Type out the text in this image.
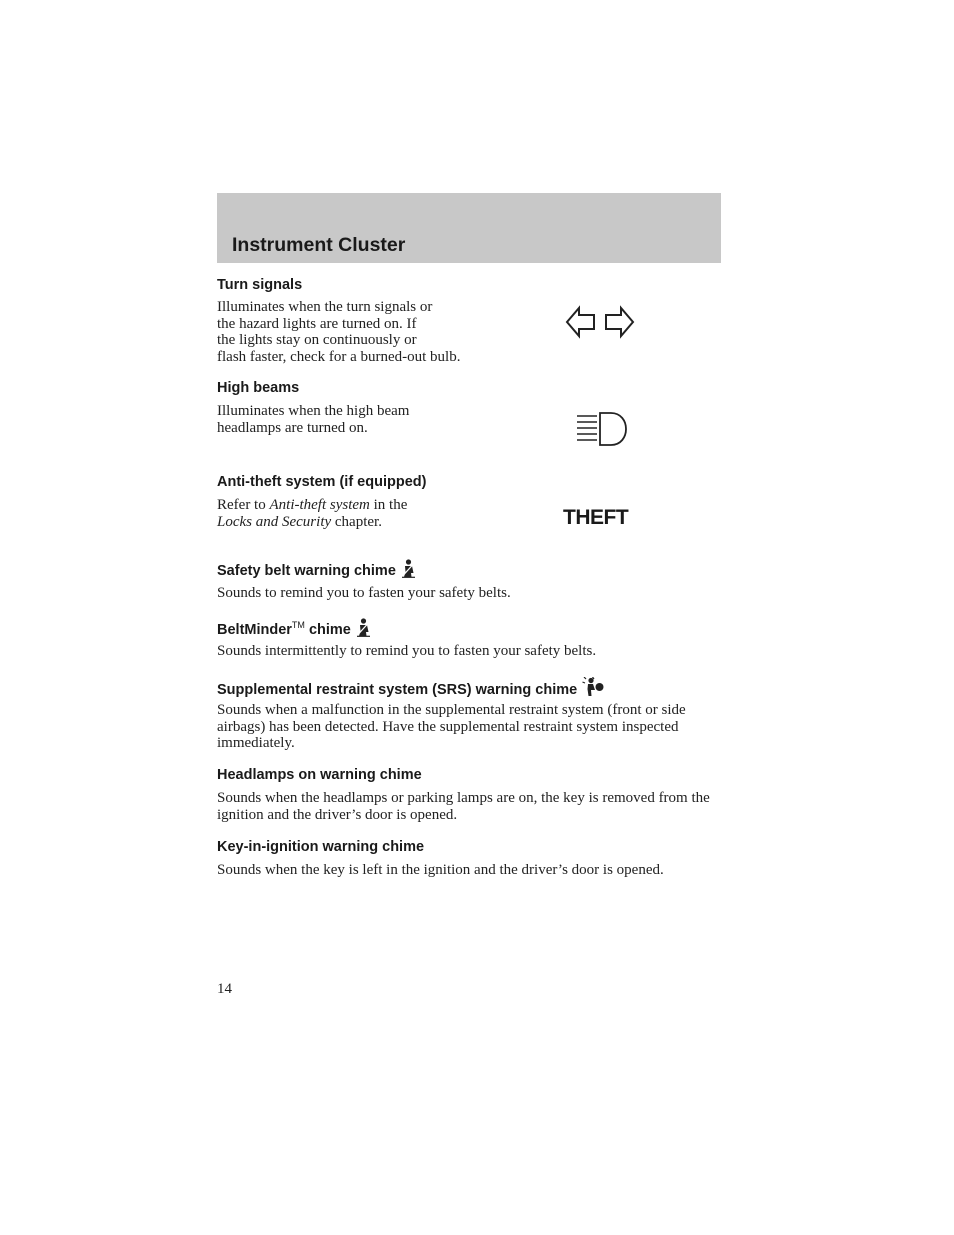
Instrument Cluster
Turn signals

Illuminates when the turn signals or
the hazard lights are turned on. If
the lights stay on continuously or
flash faster, check for a burned-out bulb.

High beams

Illuminates when the high beam
headlamps are turned on.

Anti-theft system (if equipped)

Refer to Anti-theft system in the
Locks and Security chapter.	THEFT
Safety belt warning chime

Sounds to remind you to fasten your safety belts.

BeltMinder™ chime

Sounds intermittently to remind you to fasten your safety belts.

Supplemental restraint system (SRS) warning chime

Sounds when a malfunction in the supplemental restraint system (front or side airbags) has been detected. Have the supplemental restraint system inspected immediately.

Headlamps on warning chime

Sounds when the headlamps or parking lamps are on, the key is removed from the ignition and the driver’s door is opened.

Key-in-ignition warning chime

Sounds when the key is left in the ignition and the driver’s door is opened.

14
